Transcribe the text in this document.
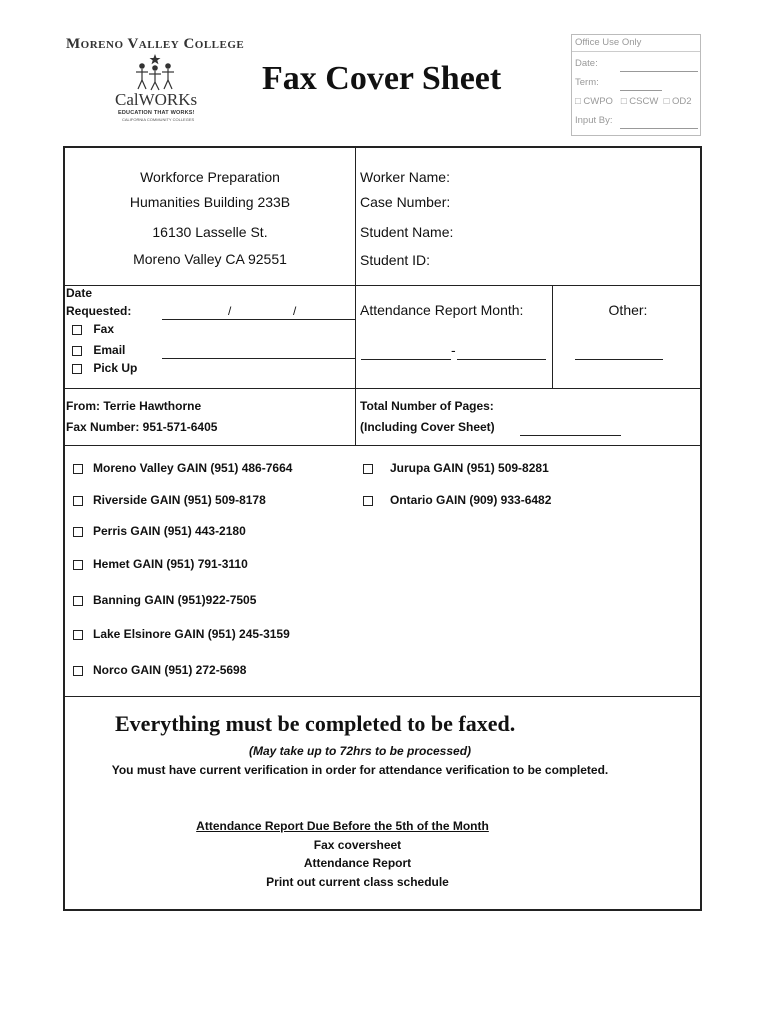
Moreno Valley College
CalWORKs
EDUCATION THAT WORKS!
CALIFORNIA COMMUNITY COLLEGES
Fax Cover Sheet
Office Use Only
Date:
Term:
□ CWPO □ CSCW □ OD2
Input By:
Workforce Preparation
Humanities Building 233B
16130 Lasselle St.
Moreno Valley CA 92551
Worker Name:
Case Number:
Student Name:
Student ID:
Date
Requested:	/	/
Fax
Email
Pick Up
Attendance Report Month:
-
Other:
From: Terrie Hawthorne
Fax Number: 951-571-6405
Total Number of Pages:
(Including Cover Sheet)
Moreno Valley GAIN (951) 486-7664
Riverside GAIN (951) 509-8178
Perris GAIN (951) 443-2180
Hemet GAIN (951) 791-3110
Banning GAIN (951)922-7505
Lake Elsinore GAIN (951) 245-3159
Norco GAIN (951) 272-5698
Jurupa GAIN (951) 509-8281
Ontario GAIN (909) 933-6482
Everything must be completed to be faxed.
(May take up to 72hrs to be processed)
You must have current verification in order for attendance verification to be completed.
Attendance Report Due Before the 5th of the Month
Fax coversheet
Attendance Report
Print out current class schedule
